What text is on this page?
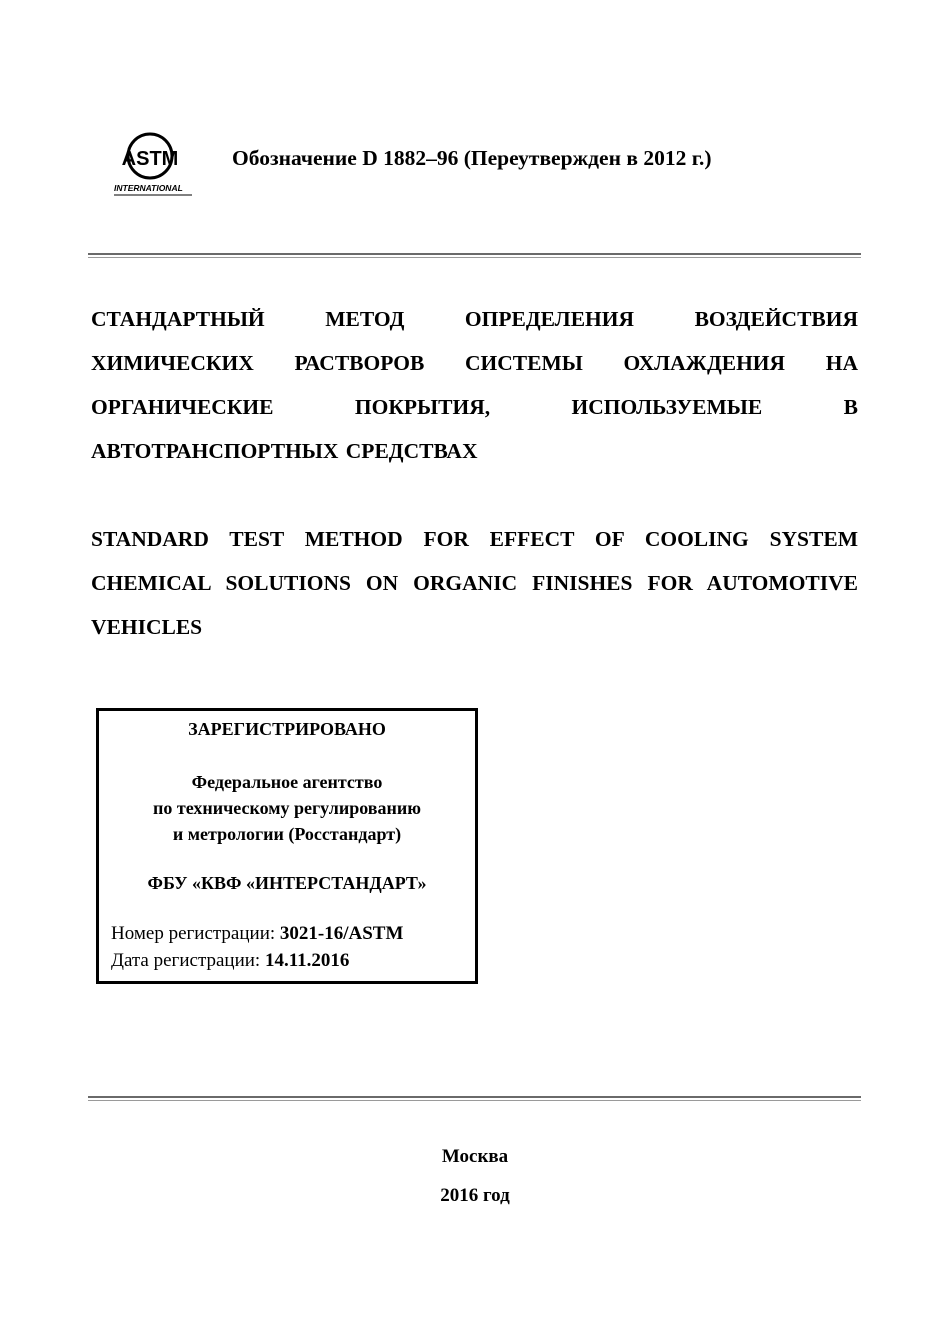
ASTM
INTERNATIONAL
Обозначение D 1882–96 (Переутвержден в 2012 г.)
СТАНДАРТНЫЙ МЕТОД ОПРЕДЕЛЕНИЯ ВОЗДЕЙСТВИЯ ХИМИЧЕСКИХ РАСТВОРОВ СИСТЕМЫ ОХЛАЖДЕНИЯ НА ОРГАНИЧЕСКИЕ ПОКРЫТИЯ, ИСПОЛЬЗУЕМЫЕ В АВТОТРАНСПОРТНЫХ СРЕДСТВАХ
STANDARD TEST METHOD FOR EFFECT OF COOLING SYSTEM CHEMICAL SOLUTIONS ON ORGANIC FINISHES FOR AUTOMOTIVE VEHICLES
ЗАРЕГИСТРИРОВАНО
Федеральное агентство
по техническому регулированию
и метрологии (Росстандарт)
ФБУ «КВФ «ИНТЕРСТАНДАРТ»
Номер регистрации: 3021-16/ASTM
Дата регистрации: 14.11.2016
Москва
2016 год
